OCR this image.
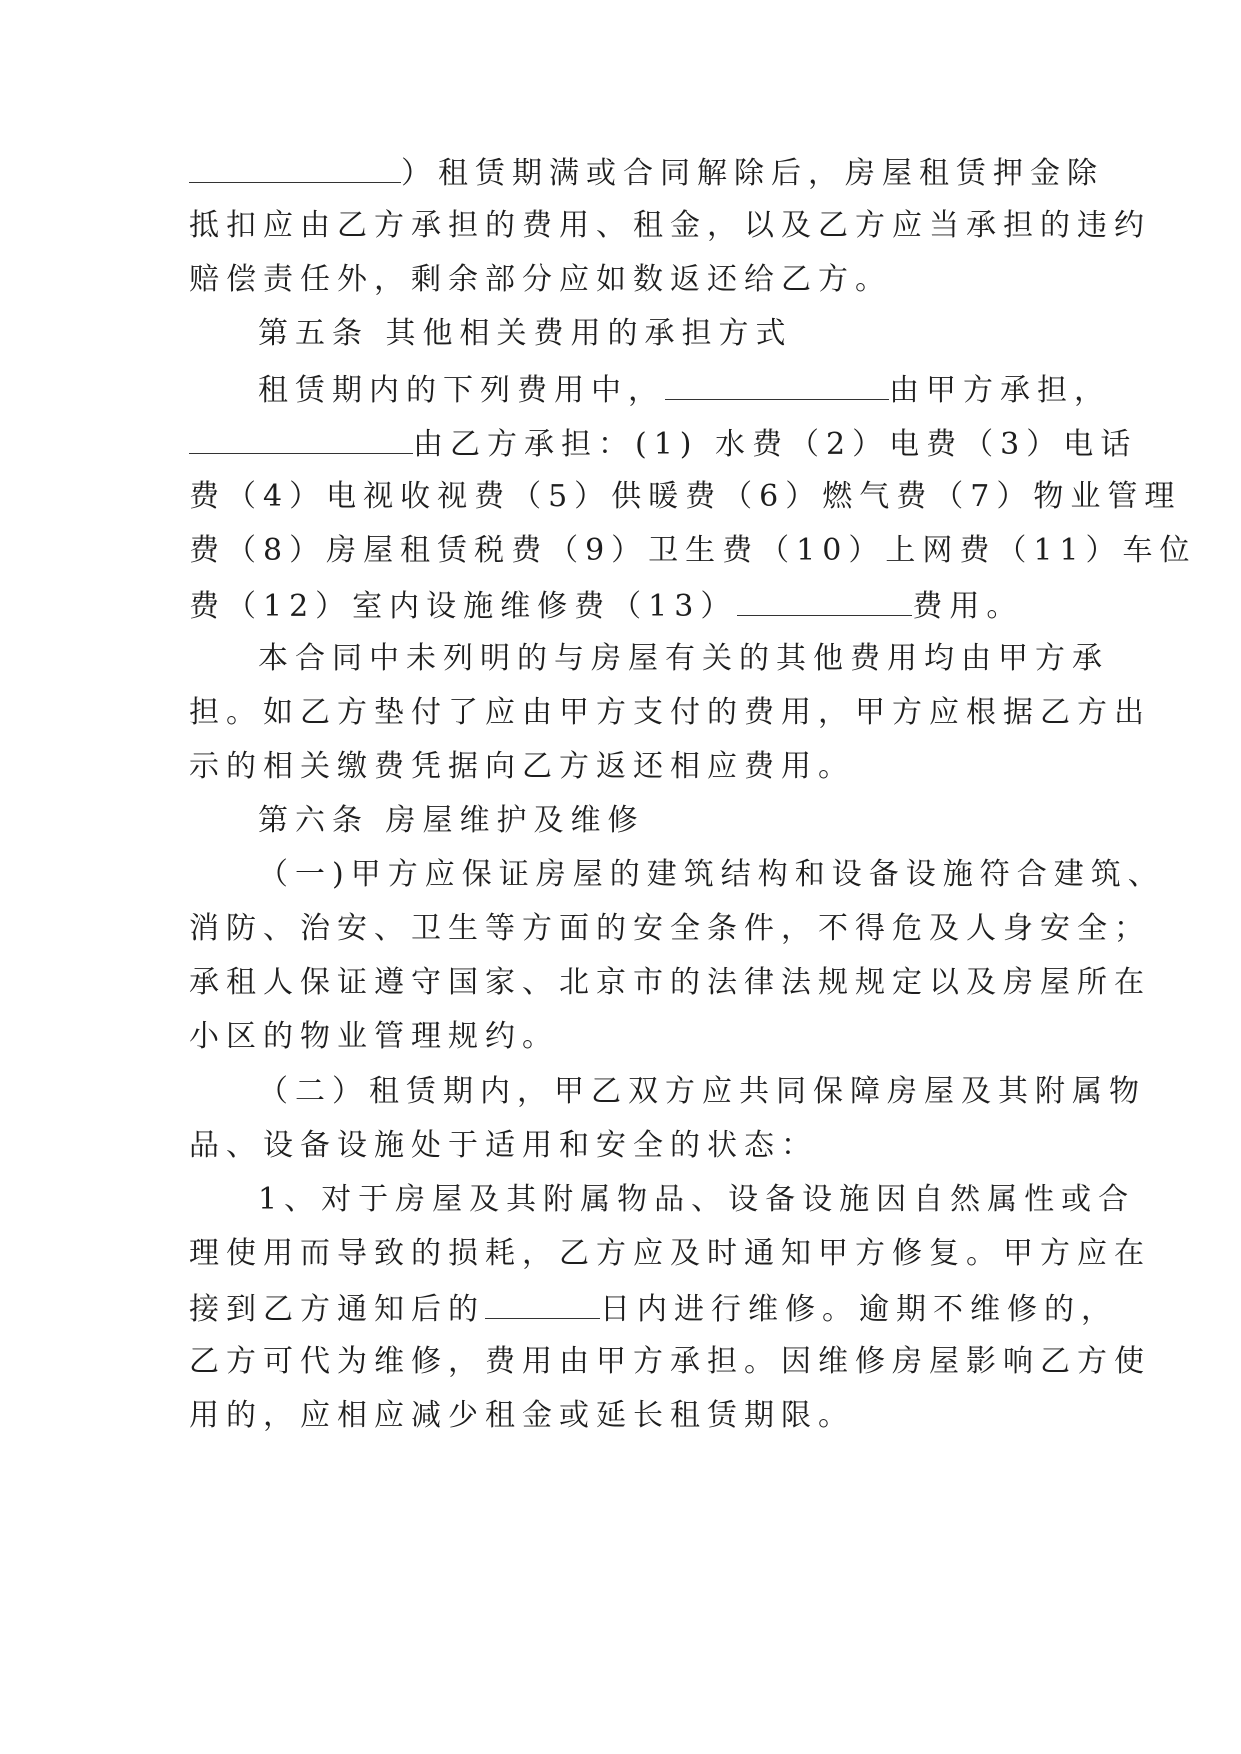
）租赁期满或合同解除后，房屋租赁押金除
抵扣应由乙方承担的费用、租金，以及乙方应当承担的违约
赔偿责任外，剩余部分应如数返还给乙方。
第五条 其他相关费用的承担方式
租赁期内的下列费用中，	由甲方承担，
由乙方承担：(1) 水费（2）电费（3）电话
费（4）电视收视费（5）供暖费（6）燃气费（7）物业管理
费（8）房屋租赁税费（9）卫生费（10）上网费（11）车位
费（12）室内设施维修费（13）	费用。
本合同中未列明的与房屋有关的其他费用均由甲方承
担。如乙方垫付了应由甲方支付的费用，甲方应根据乙方出
示的相关缴费凭据向乙方返还相应费用。
第六条 房屋维护及维修
（一)甲方应保证房屋的建筑结构和设备设施符合建筑、
消防、治安、卫生等方面的安全条件，不得危及人身安全；
承租人保证遵守国家、北京市的法律法规规定以及房屋所在
小区的物业管理规约。
（二）租赁期内，甲乙双方应共同保障房屋及其附属物
品、设备设施处于适用和安全的状态：
1、对于房屋及其附属物品、设备设施因自然属性或合
理使用而导致的损耗，乙方应及时通知甲方修复。甲方应在
接到乙方通知后的	日内进行维修。逾期不维修的，
乙方可代为维修，费用由甲方承担。因维修房屋影响乙方使
用的，应相应减少租金或延长租赁期限。
